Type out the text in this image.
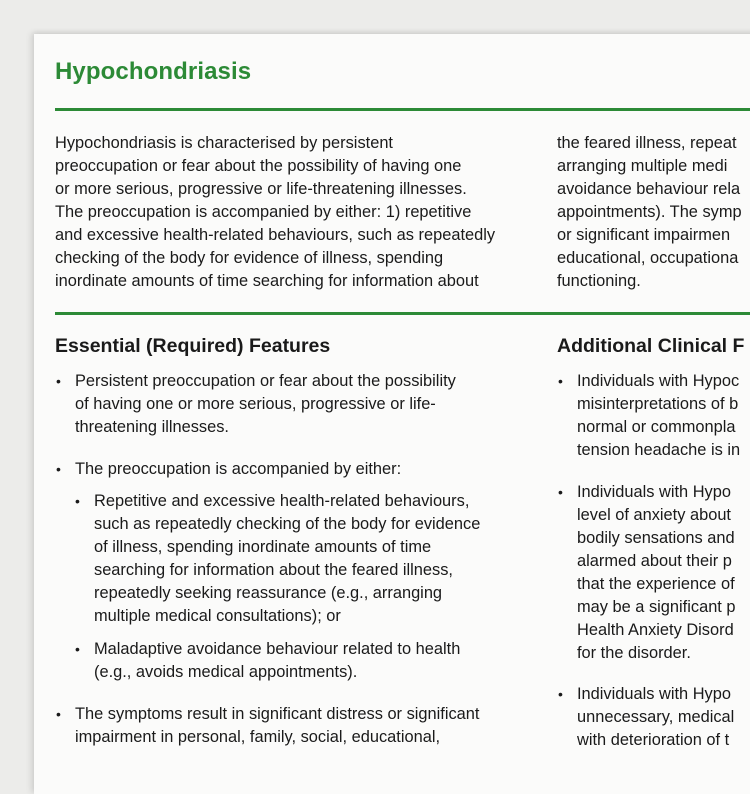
Hypochondriasis
Hypochondriasis is characterised by persistent
preoccupation or fear about the possibility of having one
or more serious, progressive or life-threatening illnesses.
The preoccupation is accompanied by either: 1) repetitive
and excessive health-related behaviours, such as repeatedly
checking of the body for evidence of illness, spending
inordinate amounts of time searching for information about
the feared illness, repeat
arranging multiple medi
avoidance behaviour rela
appointments). The symp
or significant impairmen
educational, occupationa
functioning.
Essential (Required) Features
• Persistent preoccupation or fear about the possibility
of having one or more serious, progressive or life-
threatening illnesses.
• The preoccupation is accompanied by either:
• Repetitive and excessive health-related behaviours,
such as repeatedly checking of the body for evidence
of illness, spending inordinate amounts of time
searching for information about the feared illness,
repeatedly seeking reassurance (e.g., arranging
multiple medical consultations); or
• Maladaptive avoidance behaviour related to health
(e.g., avoids medical appointments).
• The symptoms result in significant distress or significant
impairment in personal, family, social, educational,
Additional Clinical F
• Individuals with Hypoc
misinterpretations of b
normal or commonpla
tension headache is in
• Individuals with Hypo
level of anxiety about
bodily sensations and
alarmed about their p
that the experience of
may be a significant p
Health Anxiety Disord
for the disorder.
• Individuals with Hypo
unnecessary, medical
with deterioration of t
